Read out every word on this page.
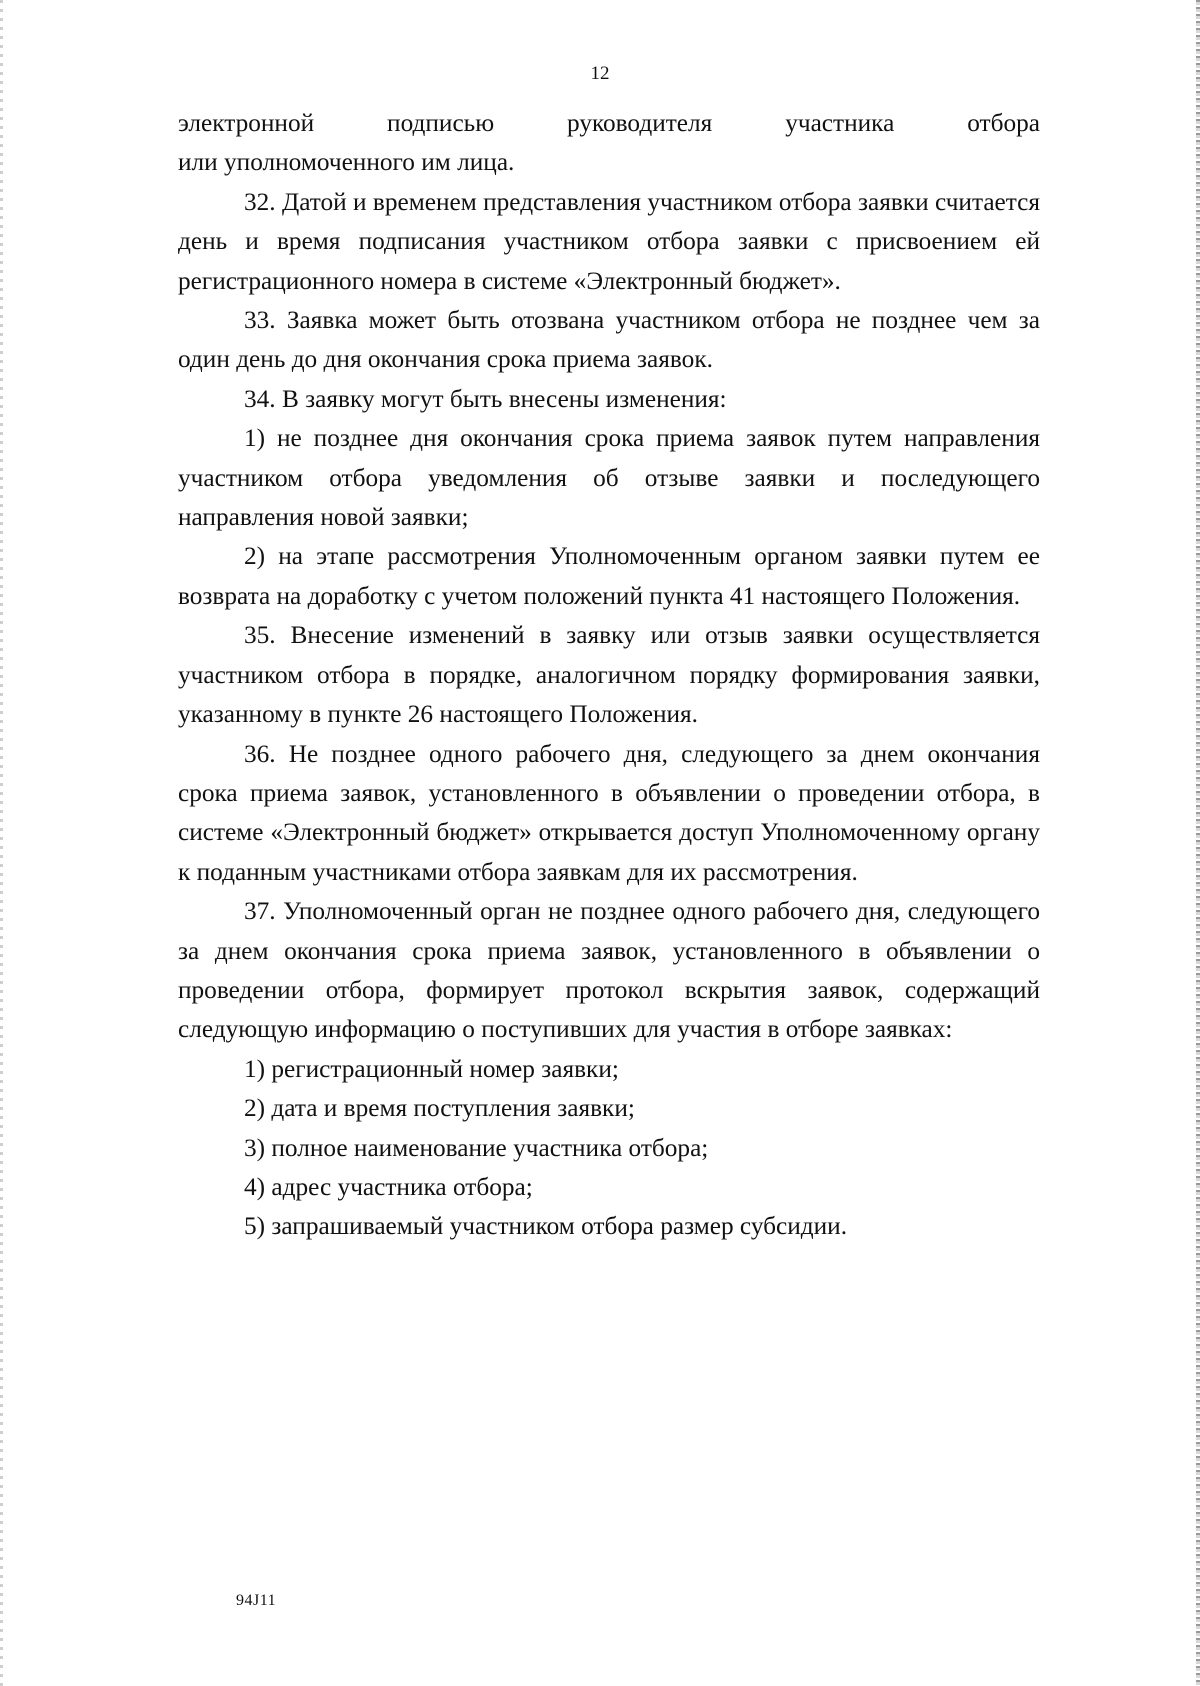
12

электронной подписью руководителя участника отбора

или уполномоченного им лица.

32. Датой и временем представления участником отбора заявки считается день и время подписания участником отбора заявки с присвоением ей регистрационного номера в системе «Электронный бюджет».

33. Заявка может быть отозвана участником отбора не позднее чем за один день до дня окончания срока приема заявок.

34. В заявку могут быть внесены изменения:

1) не позднее дня окончания срока приема заявок путем направления участником отбора уведомления об отзыве заявки и последующего направления новой заявки;

2) на этапе рассмотрения Уполномоченным органом заявки путем ее возврата на доработку с учетом положений пункта 41 настоящего Положения.

35. Внесение изменений в заявку или отзыв заявки осуществляется участником отбора в порядке, аналогичном порядку формирования заявки, указанному в пункте 26 настоящего Положения.

36. Не позднее одного рабочего дня, следующего за днем окончания срока приема заявок, установленного в объявлении о проведении отбора, в системе «Электронный бюджет» открывается доступ Уполномоченному органу к поданным участниками отбора заявкам для их рассмотрения.

37. Уполномоченный орган не позднее одного рабочего дня, следующего за днем окончания срока приема заявок, установленного в объявлении о проведении отбора, формирует протокол вскрытия заявок, содержащий следующую информацию о поступивших для участия в отборе заявках:

1) регистрационный номер заявки;

2) дата и время поступления заявки;

3) полное наименование участника отбора;

4) адрес участника отбора;

5) запрашиваемый участником отбора размер субсидии.

94J11
